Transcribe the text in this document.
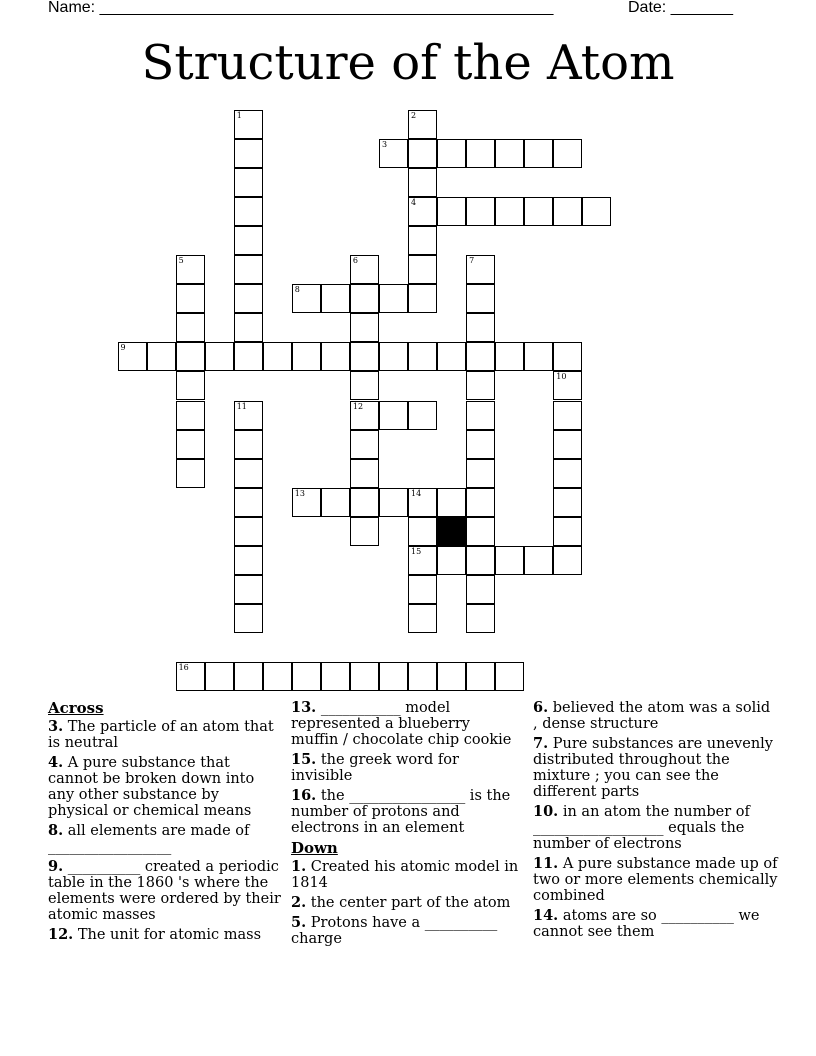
Name: ___________________________________________________	Date: _______
Structure of the Atom
1	2
4
3
5	6
12
7
8
9
10
11
13	14
15
16
Across
3. The particle of an atom that is neutral
4. A pure substance that cannot be broken down into any other substance by physical or chemical means
8. all elements are made of _________________
9. __________ created a periodic table in the 1860 's where the elements were ordered by their atomic masses
12. The unit for atomic mass
13. ___________ model represented a blueberry muffin / chocolate chip cookie
15. the greek word for invisible
16. the ________________ is the number of protons and electrons in an element
Down
1. Created his atomic model in 1814
2. the center part of the atom
5. Protons have a __________ charge
6. believed the atom was a solid , dense structure
7. Pure substances are unevenly distributed throughout the mixture ; you can see the different parts
10. in an atom the number of __________________ equals the number of electrons
11. A pure substance made up of two or more elements chemically combined
14. atoms are so __________ we cannot see them
